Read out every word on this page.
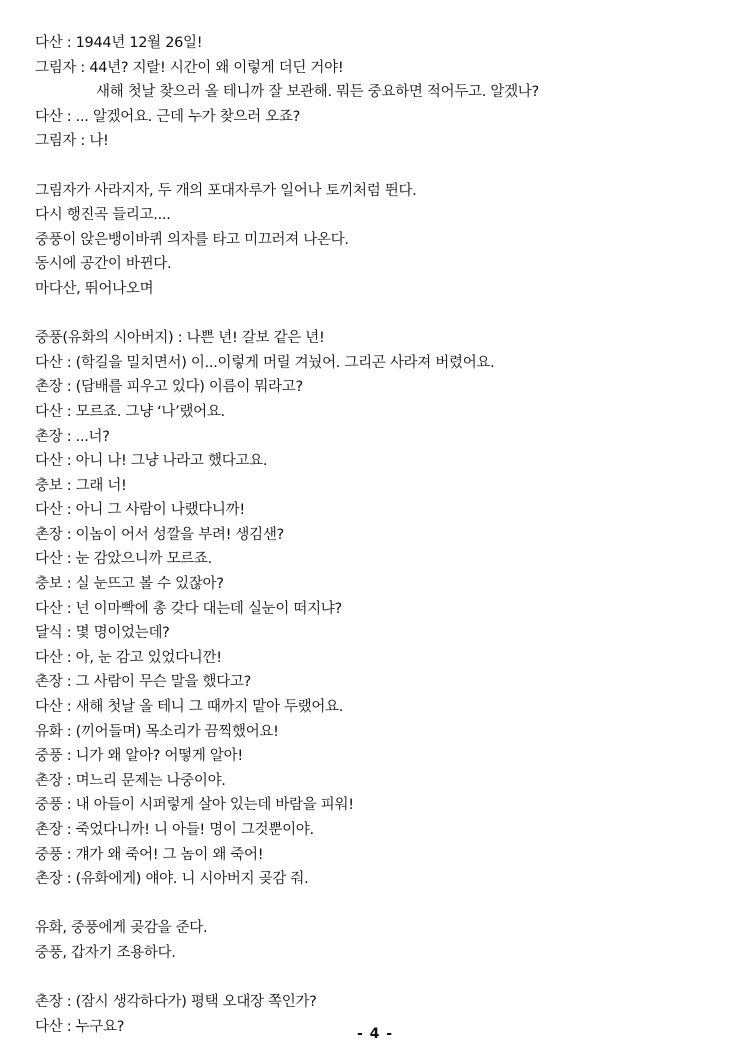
다산 : 1944년 12월 26일!
그림자 : 44년? 지랄! 시간이 왜 이렇게 더딘 거야!
새해 첫날 찾으러 올 테니까 잘 보관해. 뭐든 중요하면 적어두고. 알겠나?
다산 : ... 알겠어요. 근데 누가 찾으러 오죠?
그림자 : 나!
그림자가 사라지자, 두 개의 포대자루가 일어나 토끼처럼 뛴다.
다시 행진곡 들리고....
중풍이 앉은뱅이바퀴 의자를 타고 미끄러져 나온다.
동시에 공간이 바뀐다.
마다산, 뛰어나오며
중풍(유화의 시아버지) : 나쁜 년! 갈보 같은 년!
다산 : (학길을 밀치면서) 이...이렇게 머릴 겨눴어. 그리곤 사라져 버렸어요.
촌장 : (담배를 피우고 있다) 이름이 뭐라고?
다산 : 모르죠. 그냥 ‘나’랬어요.
촌장 : ...너?
다산 : 아니 나! 그냥 나라고 했다고요.
충보 : 그래 너!
다산 : 아니 그 사람이 나랬다니까!
촌장 : 이놈이 어서 성깔을 부려! 생김샌?
다산 : 눈 감았으니까 모르죠.
충보 : 실 눈뜨고 볼 수 있잖아?
다산 : 넌 이마빡에 총 갖다 대는데 실눈이 떠지냐?
달식 : 몇 명이었는데?
다산 : 아, 눈 감고 있었다니깐!
촌장 : 그 사람이 무슨 말을 했다고?
다산 : 새해 첫날 올 테니 그 때까지 맡아 두랬어요.
유화 : (끼어들며) 목소리가 끔찍했어요!
중풍 : 니가 왜 알아? 어떻게 알아!
촌장 : 며느리 문제는 나중이야.
중풍 : 내 아들이 시퍼렇게 살아 있는데 바람을 피워!
촌장 : 죽었다니까! 니 아들! 명이 그것뿐이야.
중풍 : 걔가 왜 죽어! 그 놈이 왜 죽어!
촌장 : (유화에게) 얘야. 니 시아버지 곶감 줘.
유화, 중풍에게 곶감을 준다.
중풍, 갑자기 조용하다.
촌장 : (잠시 생각하다가) 평택 오대장 쪽인가?
다산 : 누구요?	- 4 -
